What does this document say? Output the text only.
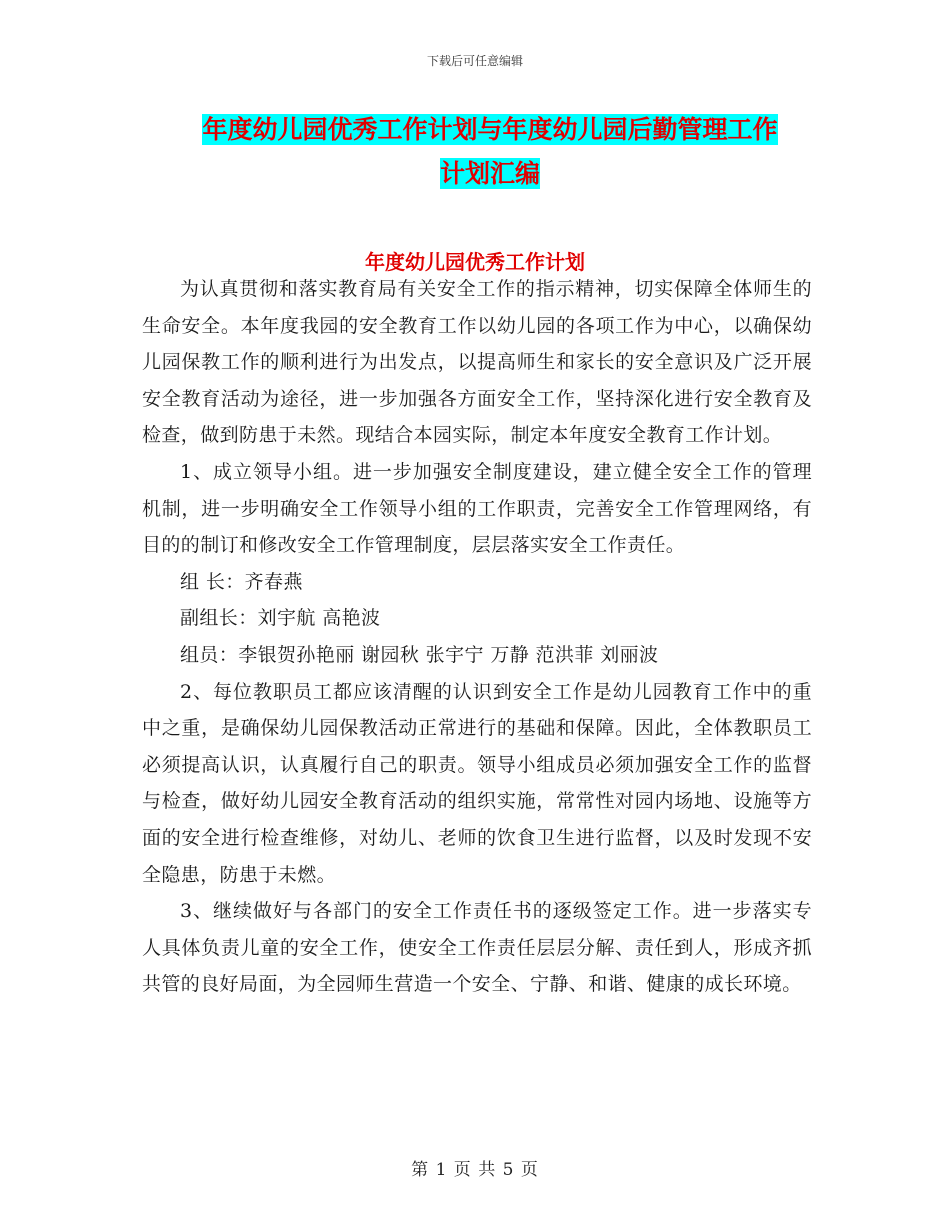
下载后可任意编辑
年度幼儿园优秀工作计划与年度幼儿园后勤管理工作
计划汇编
年度幼儿园优秀工作计划

为认真贯彻和落实教育局有关安全工作的指示精神，切实保障全体师生的生命安全。本年度我园的安全教育工作以幼儿园的各项工作为中心，以确保幼儿园保教工作的顺利进行为出发点，以提高师生和家长的安全意识及广泛开展安全教育活动为途径，进一步加强各方面安全工作，坚持深化进行安全教育及检查，做到防患于未然。现结合本园实际，制定本年度安全教育工作计划。

1、成立领导小组。进一步加强安全制度建设，建立健全安全工作的管理机制，进一步明确安全工作领导小组的工作职责，完善安全工作管理网络，有目的的制订和修改安全工作管理制度，层层落实安全工作责任。

组 长：齐春燕

副组长：刘宇航 高艳波

组员：李银贺孙艳丽 谢园秋 张宇宁 万静 范洪菲 刘丽波

2、每位教职员工都应该清醒的认识到安全工作是幼儿园教育工作中的重中之重，是确保幼儿园保教活动正常进行的基础和保障。因此，全体教职员工必须提高认识，认真履行自己的职责。领导小组成员必须加强安全工作的监督与检查，做好幼儿园安全教育活动的组织实施，常常性对园内场地、设施等方面的安全进行检查维修，对幼儿、老师的饮食卫生进行监督，以及时发现不安全隐患，防患于未燃。

3、继续做好与各部门的安全工作责任书的逐级签定工作。进一步落实专人具体负责儿童的安全工作，使安全工作责任层层分解、责任到人，形成齐抓共管的良好局面，为全园师生营造一个安全、宁静、和谐、健康的成长环境。

第 1 页 共 5 页
